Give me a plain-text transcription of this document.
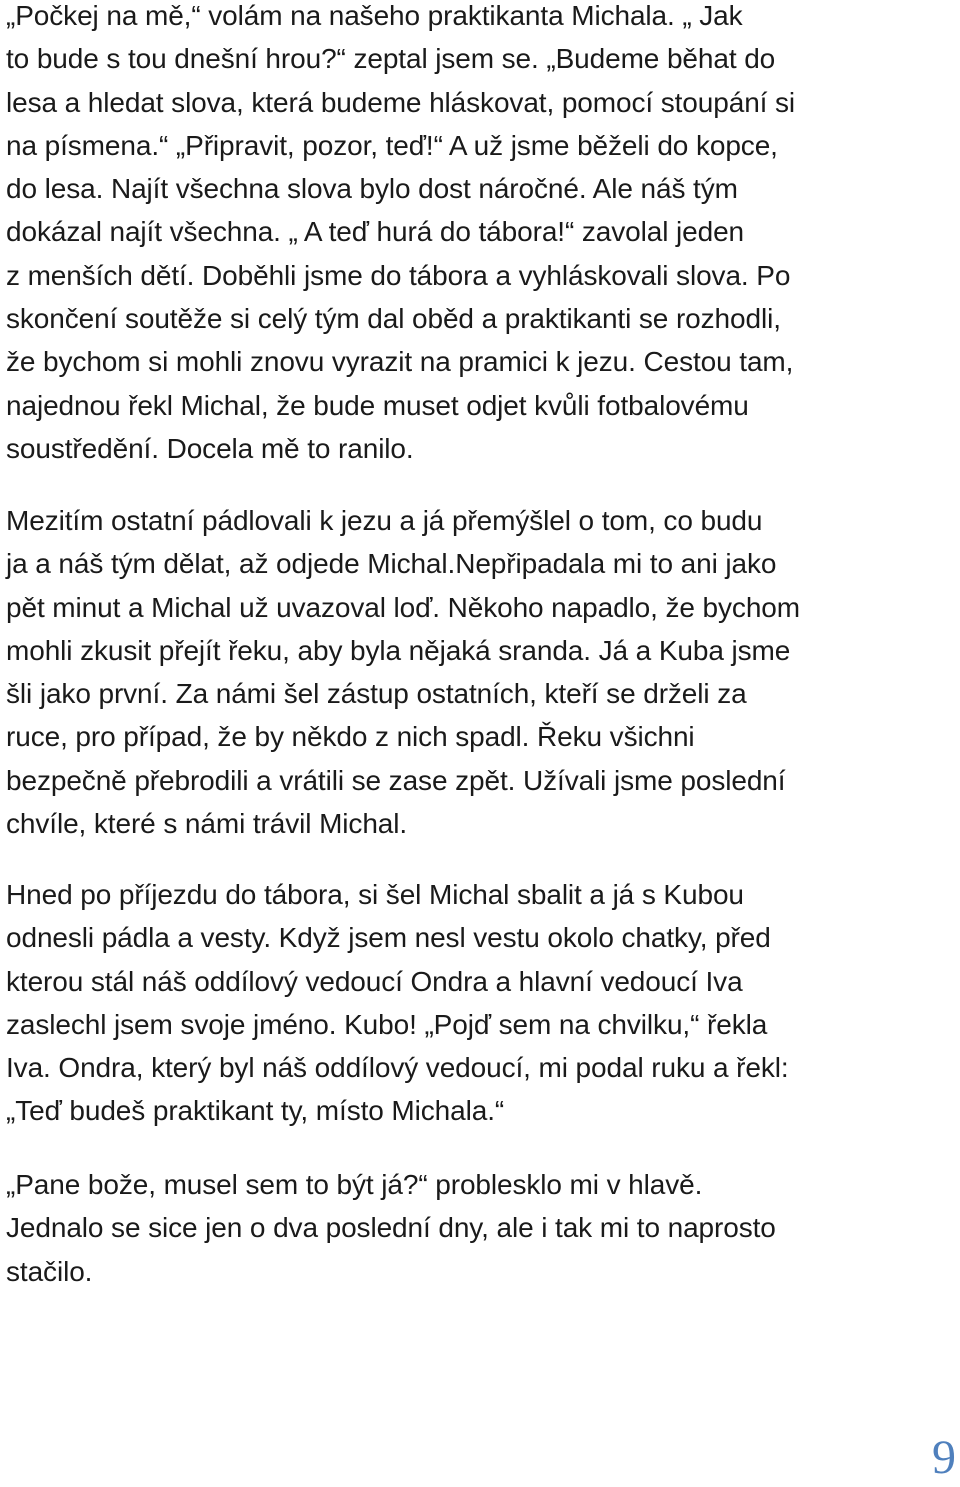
„Počkej na mě,“ volám na našeho praktikanta Michala. „ Jak
to bude s tou dnešní hrou?“ zeptal jsem se. „Budeme běhat do
lesa a hledat slova, která budeme hláskovat, pomocí stoupání si
na písmena.“ „Připravit, pozor, teď!“ A už jsme běželi do kopce,
do lesa. Najít všechna slova bylo dost náročné. Ale náš tým
dokázal najít všechna. „ A teď hurá do tábora!“ zavolal jeden
z menších dětí. Doběhli jsme do tábora a vyhláskovali slova. Po
skončení soutěže si celý tým dal oběd a praktikanti se rozhodli,
že bychom si mohli znovu vyrazit na pramici k jezu. Cestou tam,
najednou řekl Michal, že bude muset odjet kvůli fotbalovému
soustředění. Docela mě to ranilo.

Mezitím ostatní pádlovali k jezu a já přemýšlel o tom, co budu
ja a náš tým dělat, až odjede Michal.Nepřipadala mi to ani jako
pět minut a Michal už uvazoval loď. Někoho napadlo, že bychom
mohli zkusit přejít řeku, aby byla nějaká sranda. Já a Kuba jsme
šli jako první. Za námi šel zástup ostatních, kteří se drželi za
ruce, pro případ, že by někdo z nich spadl. Řeku všichni
bezpečně přebrodili a vrátili se zase zpět. Užívali jsme poslední
chvíle, které s námi trávil Michal.

Hned po příjezdu do tábora, si šel Michal sbalit a já s Kubou
odnesli pádla a vesty. Když jsem nesl vestu okolo chatky, před
kterou stál náš oddílový vedoucí Ondra a hlavní vedoucí Iva
zaslechl jsem svoje jméno. Kubo! „Pojď sem na chvilku,“ řekla
Iva. Ondra, který byl náš oddílový vedoucí, mi podal ruku a řekl:
„Teď budeš praktikant ty, místo Michala.“

„Pane bože, musel sem to být já?“ problesklo mi v hlavě.
Jednalo se sice jen o dva poslední dny, ale i tak mi to naprosto
stačilo.

9
